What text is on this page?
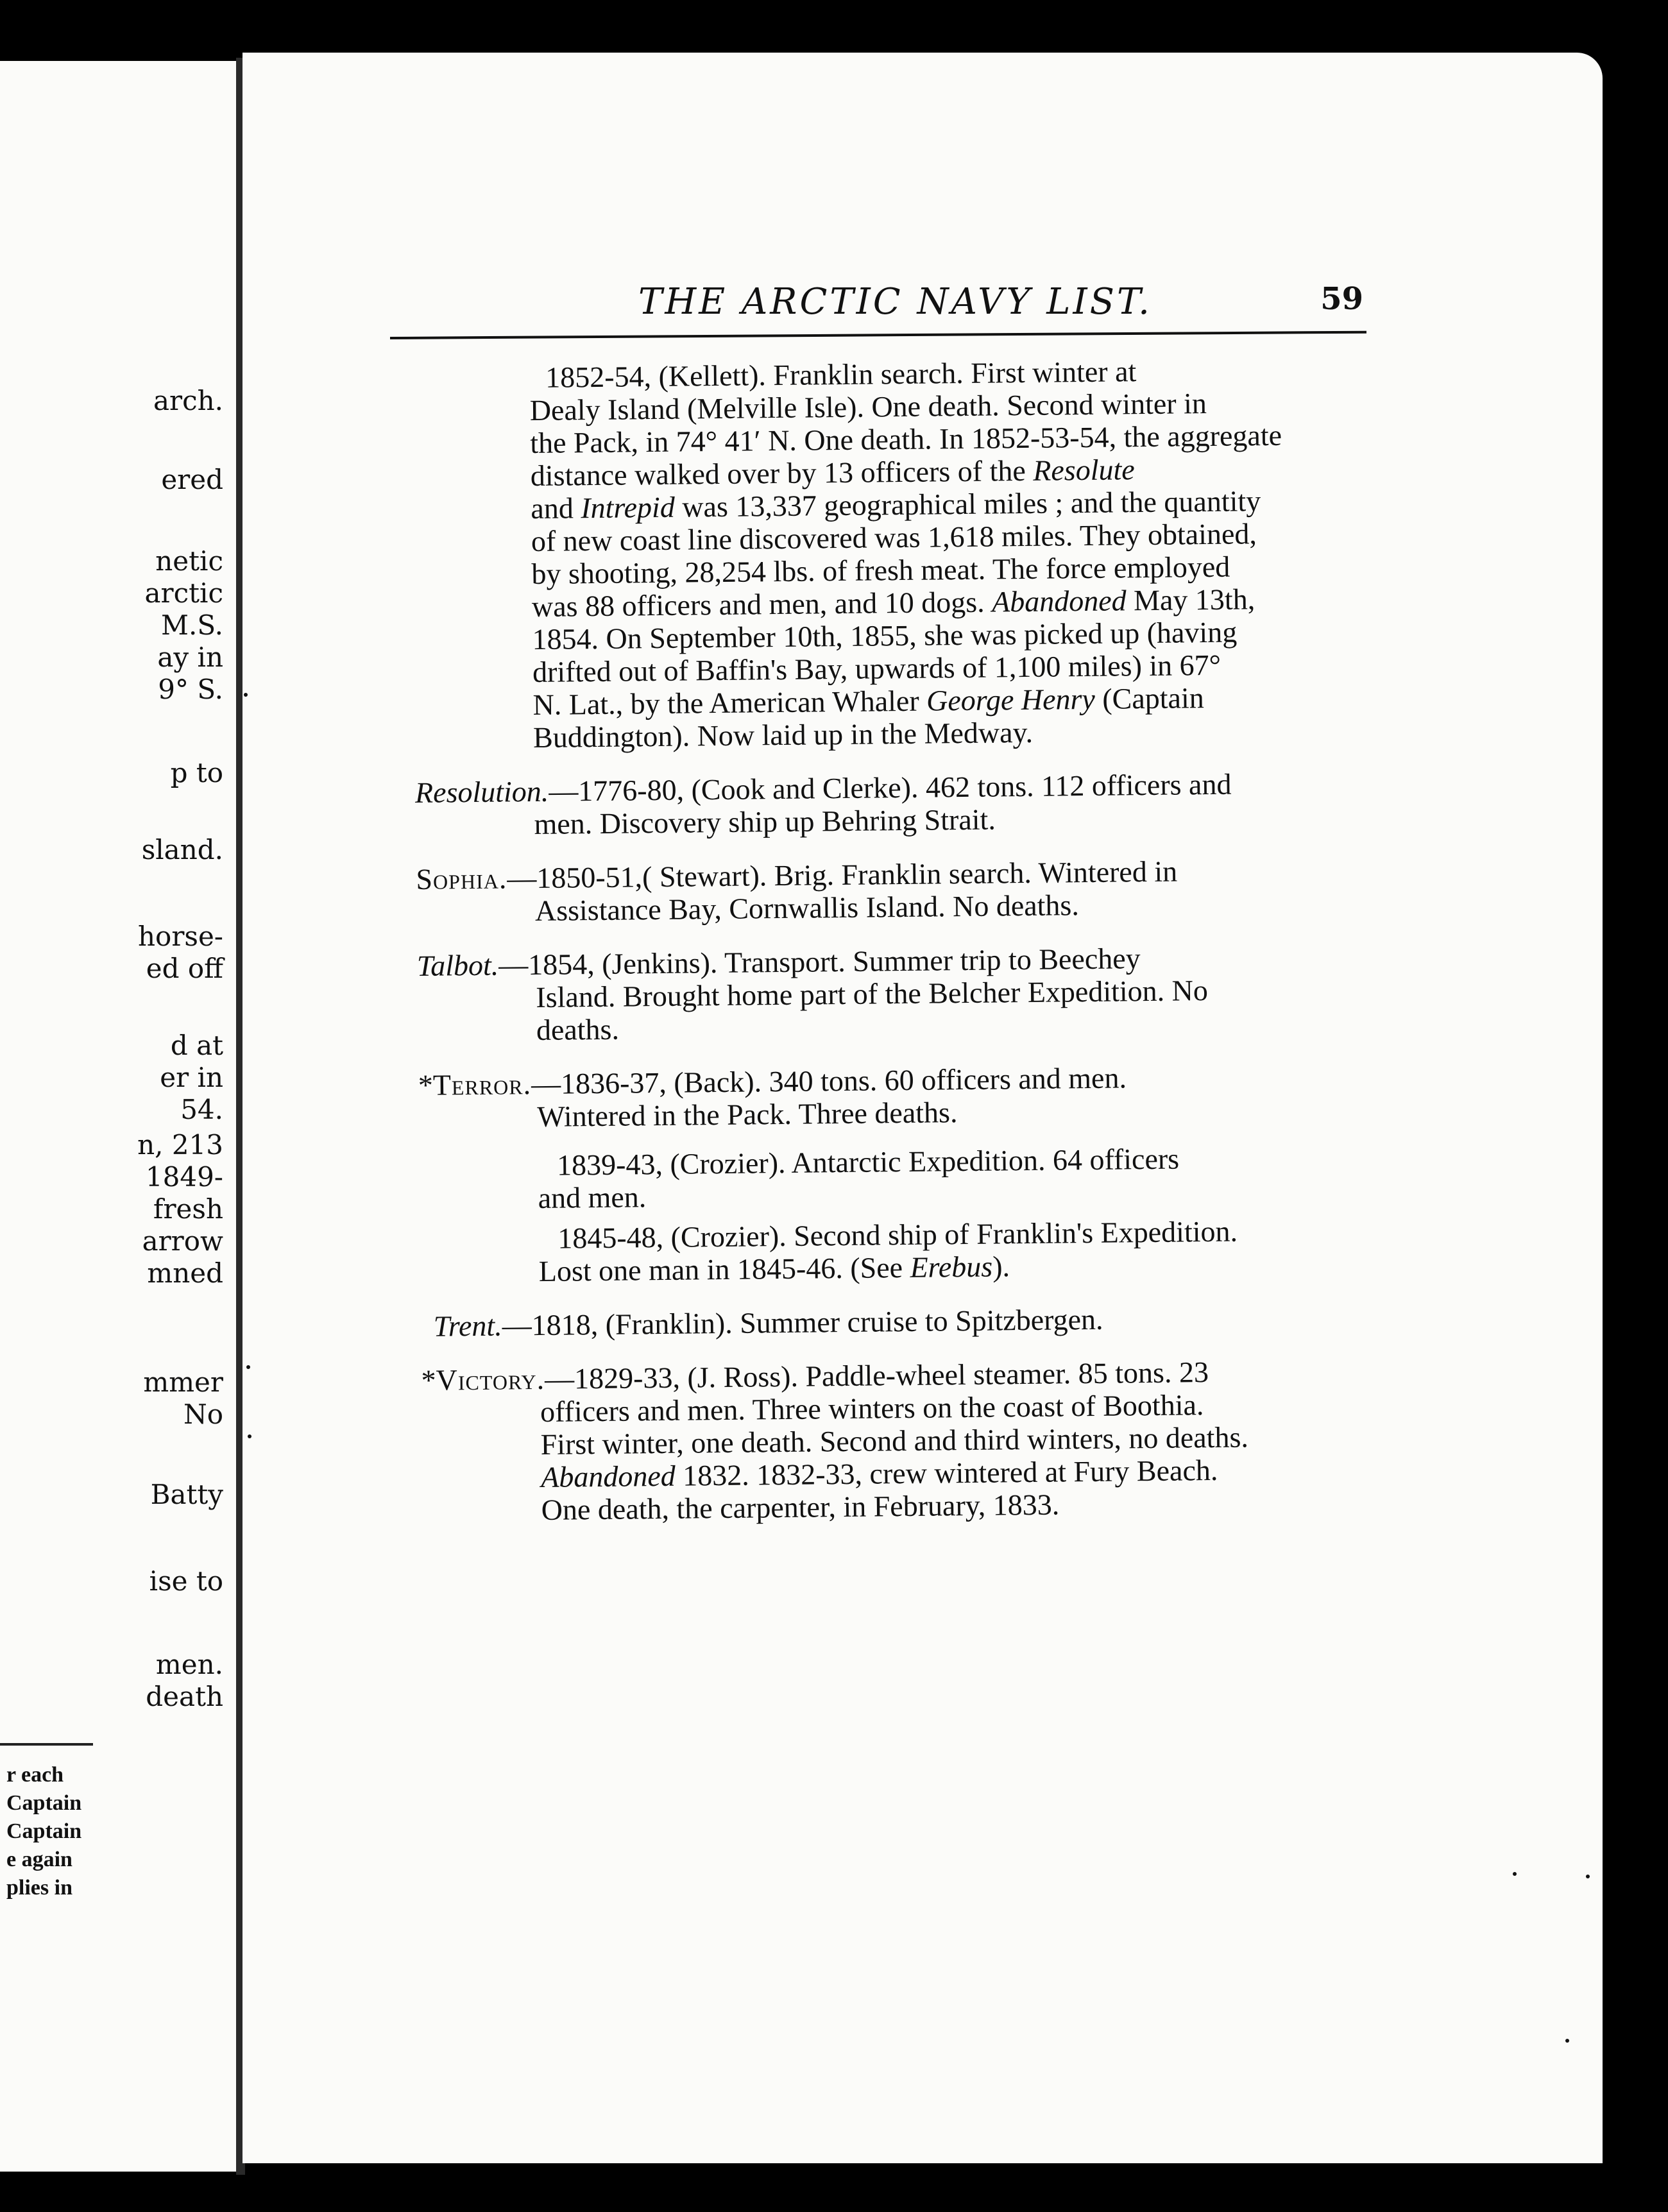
arch.
ered
netic
arctic
M.S.
ay in
9° S.
p to
sland.
horse-
ed off
d at
er in
54.
n, 213
1849-
fresh
arrow
mned
mmer
No
Batty
ise to
men.
death
r each
Captain
Captain
e again
plies in
THE ARCTIC NAVY LIST.	59
1852-54, (Kellett). Franklin search. First winter at
Dealy Island (Melville Isle). One death. Second winter in
the Pack, in 74° 41′ N. One death. In 1852-53-54, the aggregate distance walked over by 13 officers of the Resolute
and Intrepid was 13,337 geographical miles ; and the quantity
of new coast line discovered was 1,618 miles. They obtained,
by shooting, 28,254 lbs. of fresh meat. The force employed
was 88 officers and men, and 10 dogs. Abandoned May 13th,
1854. On September 10th, 1855, she was picked up (having
drifted out of Baffin's Bay, upwards of 1,100 miles) in 67°
N. Lat., by the American Whaler George Henry (Captain
Buddington). Now laid up in the Medway.
Resolution.—1776-80, (Cook and Clerke). 462 tons. 112 officers and
men. Discovery ship up Behring Strait.
Sophia.—1850-51,( Stewart). Brig. Franklin search. Wintered in
Assistance Bay, Cornwallis Island. No deaths.
Talbot.—1854, (Jenkins). Transport. Summer trip to Beechey
Island. Brought home part of the Belcher Expedition. No
deaths.
*Terror.—1836-37, (Back). 340 tons. 60 officers and men.
Wintered in the Pack. Three deaths.
1839-43, (Crozier). Antarctic Expedition. 64 officers
and men.
1845-48, (Crozier). Second ship of Franklin's Expedition.
Lost one man in 1845-46. (See Erebus).
Trent.—1818, (Franklin). Summer cruise to Spitzbergen.
*Victory.—1829-33, (J. Ross). Paddle-wheel steamer. 85 tons. 23
officers and men. Three winters on the coast of Boothia.
First winter, one death. Second and third winters, no deaths.
Abandoned 1832. 1832-33, crew wintered at Fury Beach.
One death, the carpenter, in February, 1833.
